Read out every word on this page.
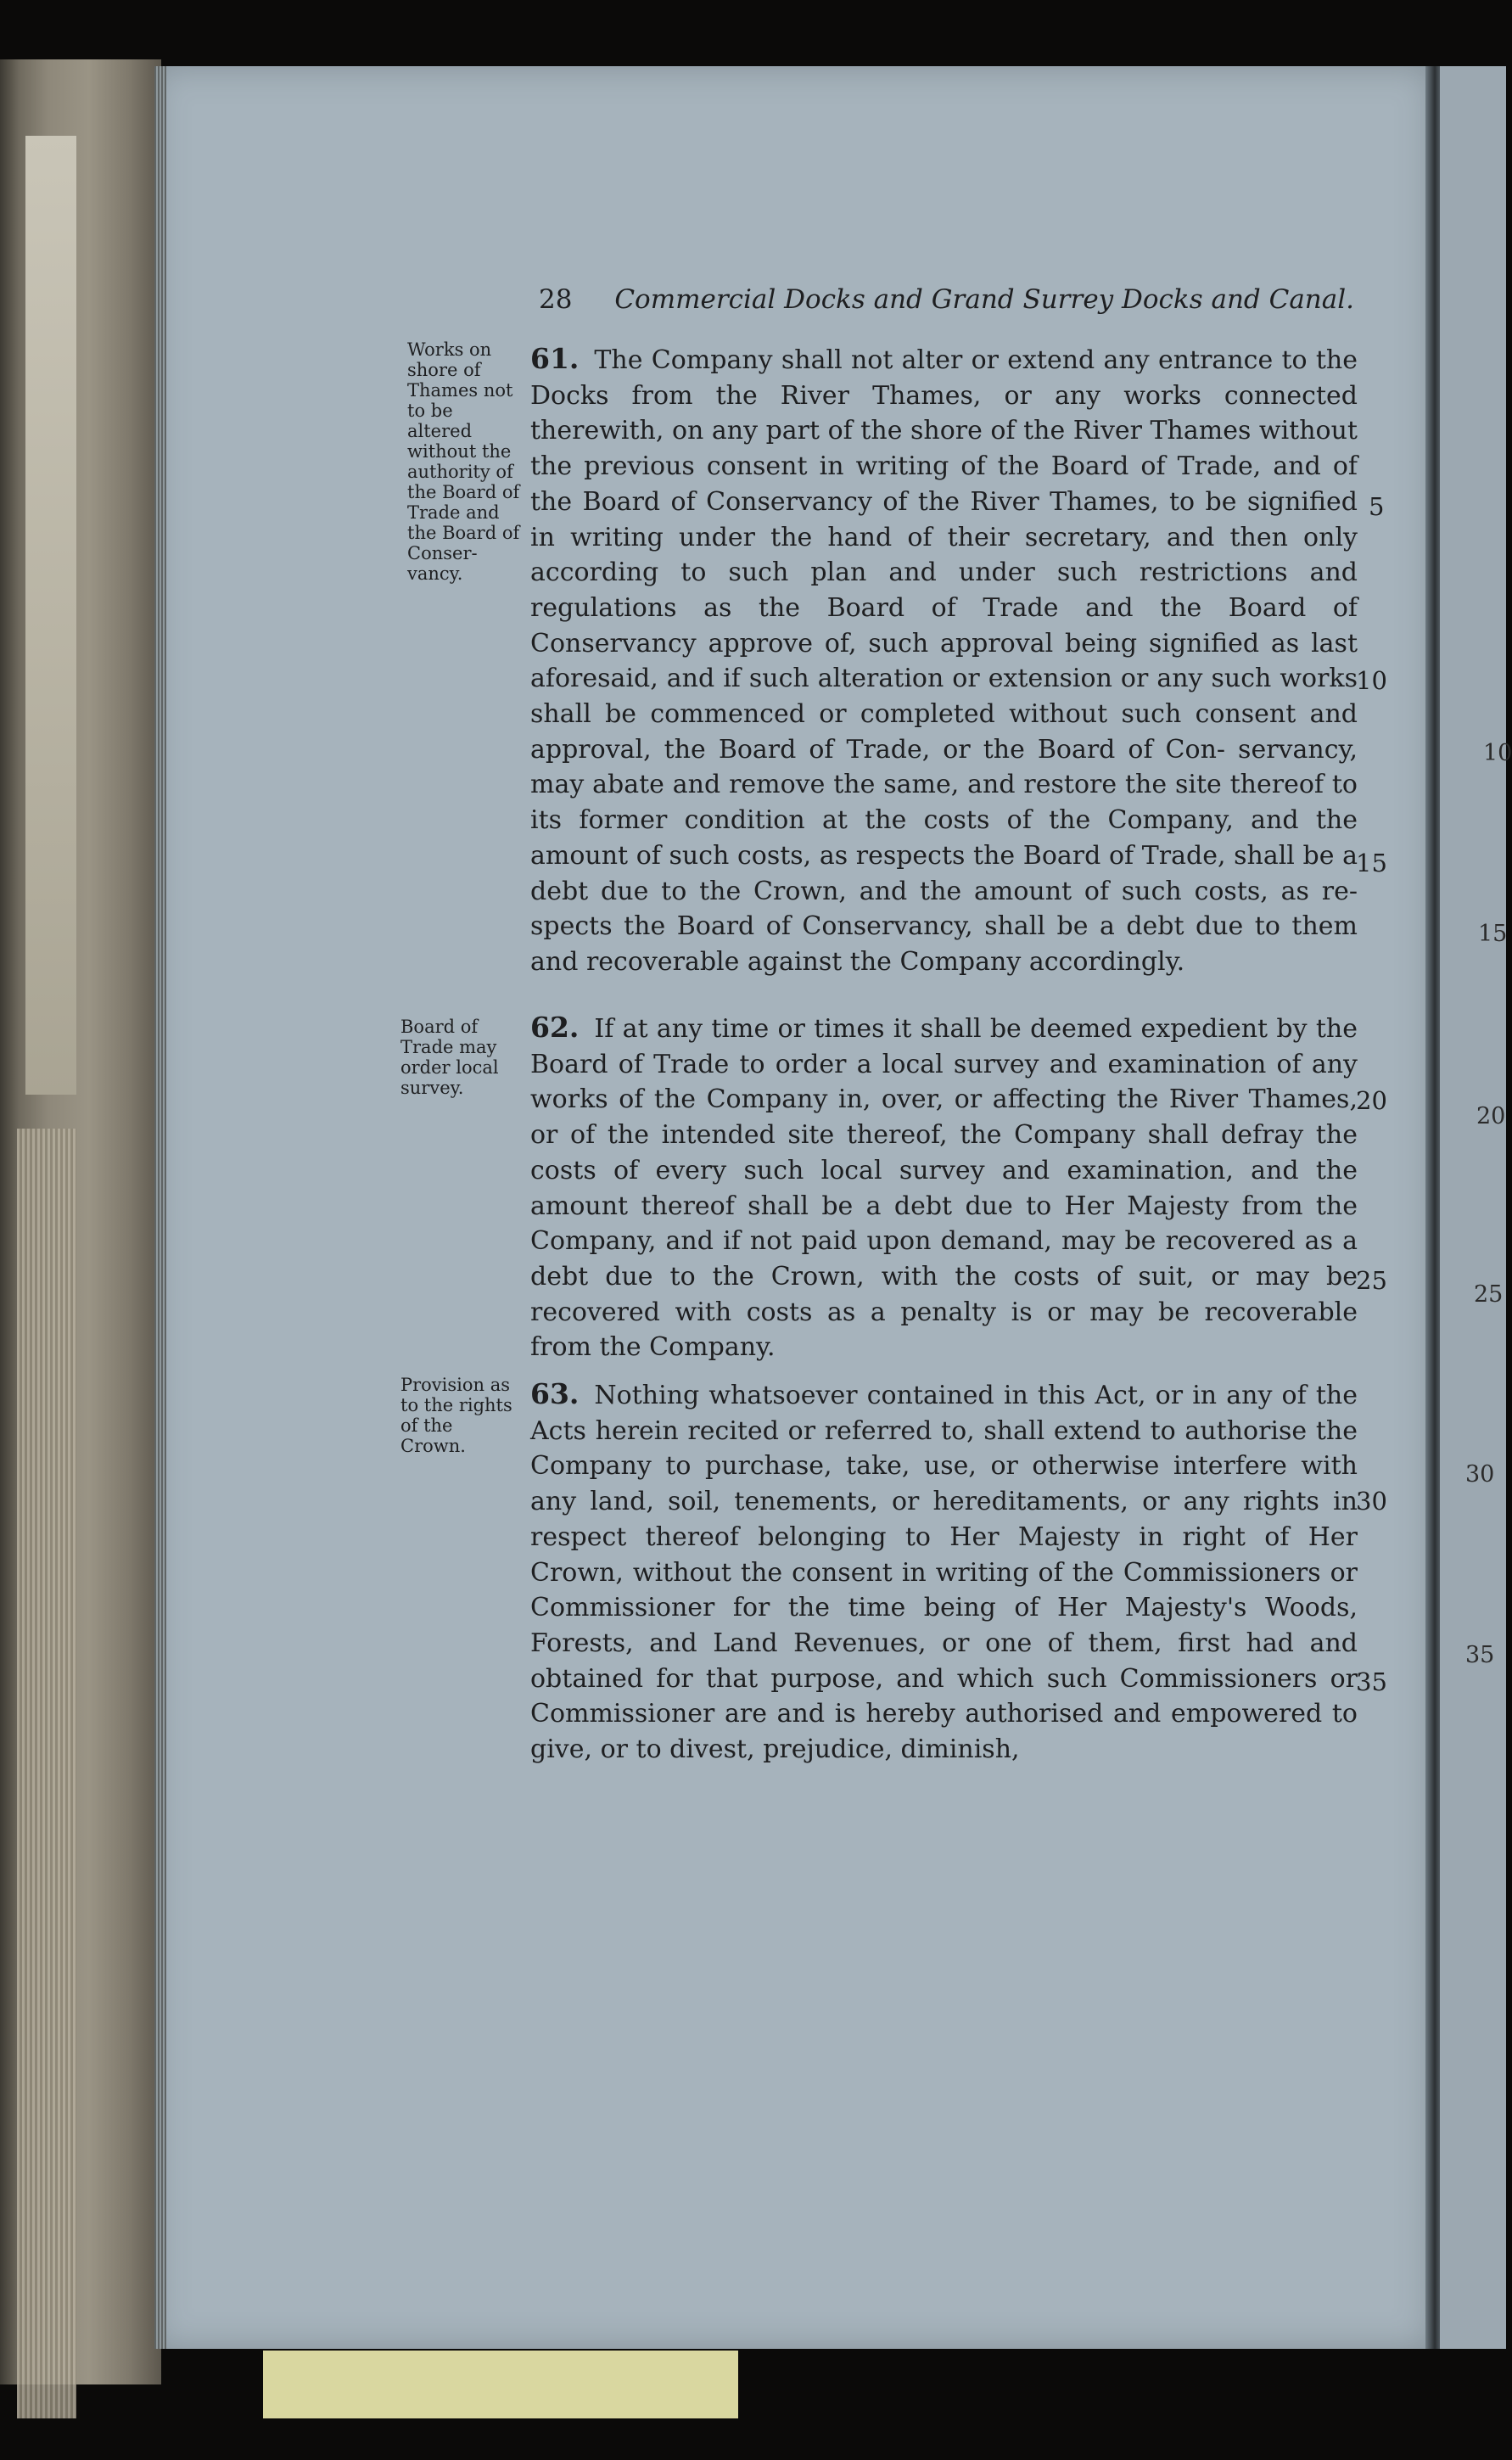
28 Commercial Docks and Grand Surrey Docks and Canal.
Works on shore of Thames not to be altered without the authority of the Board of Trade and the Board of Conser- vancy.
Board of Trade may order local survey.
Provision as to the rights of the Crown.

61. The Company shall not alter or extend any entrance to the Docks from the River Thames, or any works connected therewith, on any part of the shore of the River Thames without the previous consent in writing of the Board of Trade, and of the Board of Conservancy of the River Thames, to be signified in writing under the hand of their secretary, and then only according to such plan and under such restrictions and regulations as the Board of Trade and the Board of Conservancy approve of, such approval being signified as last aforesaid, and if such alteration or extension or any such works shall be commenced or completed without such consent and approval, the Board of Trade, or the Board of Con- servancy, may abate and remove the same, and restore the site thereof to its former condition at the costs of the Company, and the amount of such costs, as respects the Board of Trade, shall be a debt due to the Crown, and the amount of such costs, as re- spects the Board of Conservancy, shall be a debt due to them and recoverable against the Company accordingly.

62. If at any time or times it shall be deemed expedient by the Board of Trade to order a local survey and examination of any works of the Company in, over, or affecting the River Thames, or of the intended site thereof, the Company shall defray the costs of every such local survey and examination, and the amount thereof shall be a debt due to Her Majesty from the Company, and if not paid upon demand, may be recovered as a debt due to the Crown, with the costs of suit, or may be recovered with costs as a penalty is or may be recoverable from the Company.

63. Nothing whatsoever contained in this Act, or in any of the Acts herein recited or referred to, shall extend to authorise the Company to purchase, take, use, or otherwise interfere with any land, soil, tenements, or hereditaments, or any rights in respect thereof belonging to Her Majesty in right of Her Crown, without the consent in writing of the Commissioners or Commissioner for the time being of Her Majesty's Woods, Forests, and Land Revenues, or one of them, first had and obtained for that purpose, and which such Commissioners or Commissioner are and is hereby authorised and empowered to give, or to divest, prejudice, diminish,

5
10
15
20
25
30
35
10
15
20
25
30
35
